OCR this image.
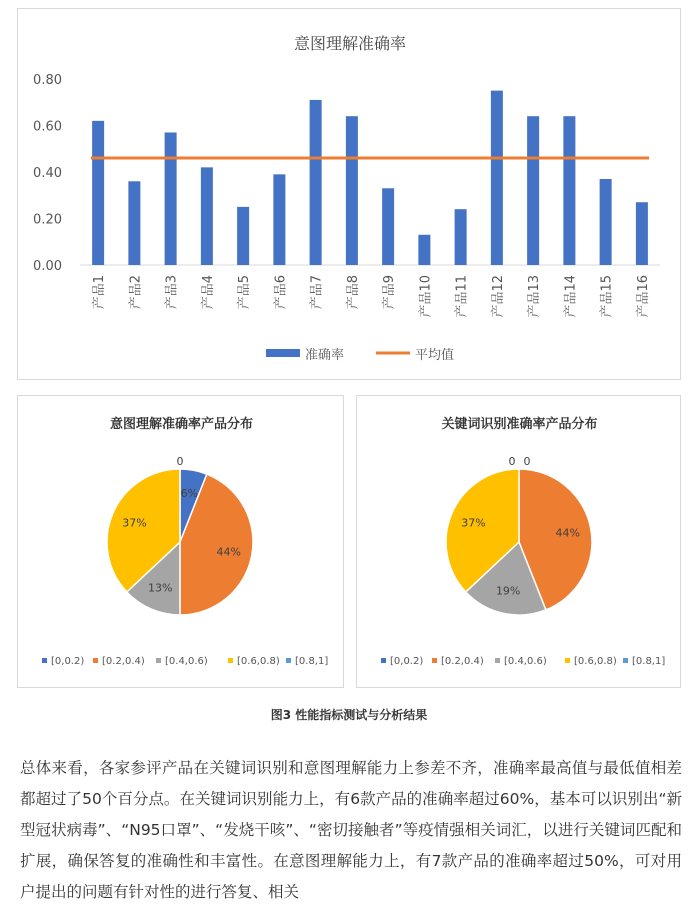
意图理解准确率
0.00
0.20
0.40
0.60
0.80
产品1 产品2 产品3 产品4 产品5 产品6 产品7 产品8 产品9 产品10 产品11 产品12 产品13 产品14 产品15 产品16
准确率	平均值
意图理解准确率产品分布
6%
44%
13%
37%
0
[0,0.2) [0.2,0.4) [0.4,0.6)	[0.6,0.8) [0.8,1]
关键词识别准确率产品分布
44%
19%
37%
0
0
[0,0.2) [0.2,0.4) [0.4,0.6)	[0.6,0.8) [0.8,1]
图3 性能指标测试与分析结果

总体来看，各家参评产品在关键词识别和意图理解能力上参差不齐，准确率最高值与最低值相差都超过了50个百分点。在关键词识别能力上，有6款产品的准确率超过60%，基本可以识别出“新型冠状病毒”、“N95口罩”、“发烧干咳”、“密切接触者”等疫情强相关词汇，以进行关键词匹配和扩展，确保答复的准确性和丰富性。在意图理解能力上，有7款产品的准确率超过50%，可对用户提出的问题有针对性的进行答复、相关
